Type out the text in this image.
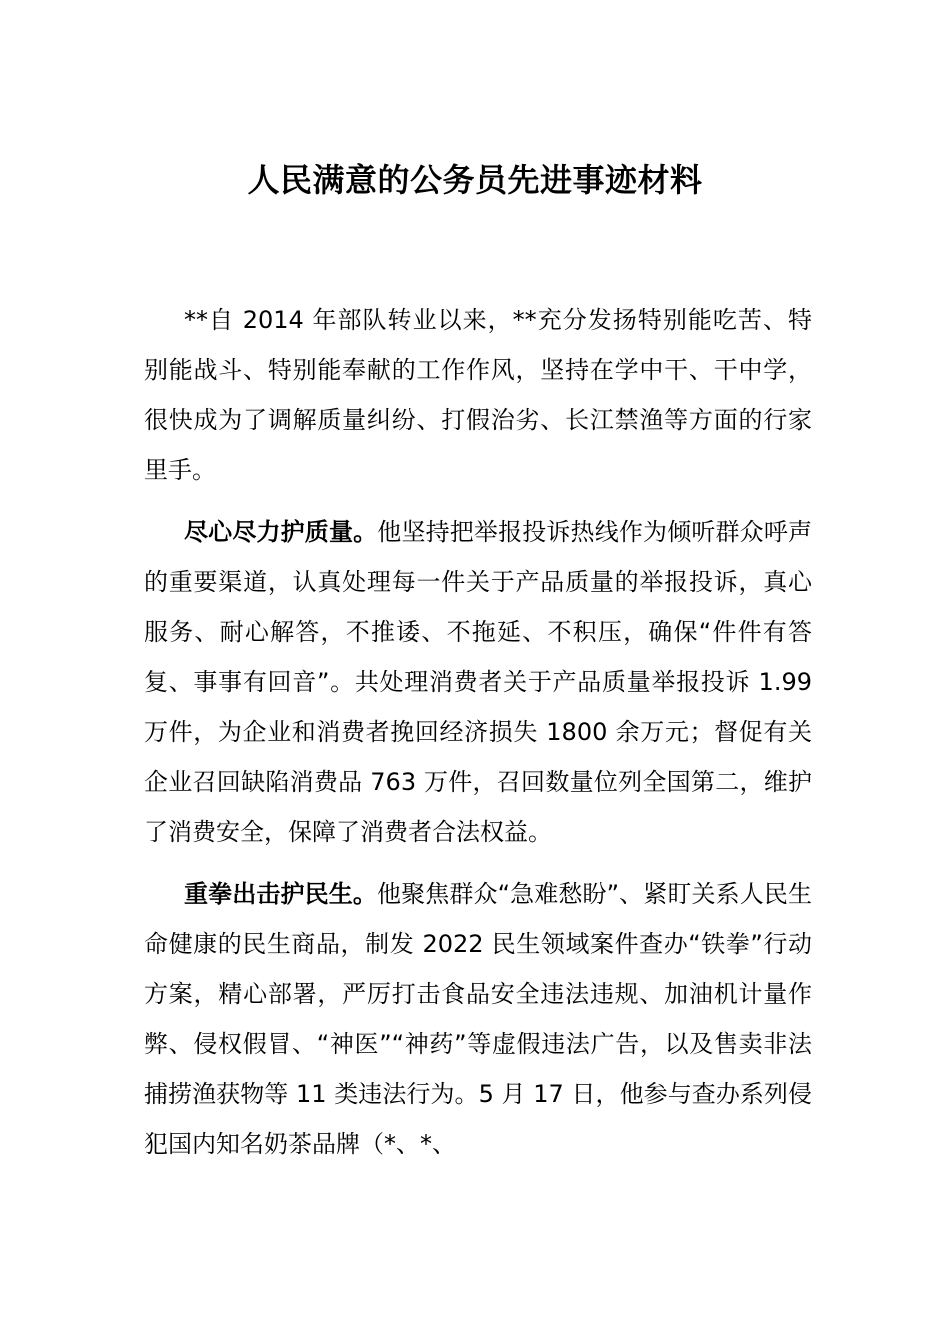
人民满意的公务员先进事迹材料

**自 2014 年部队转业以来，**充分发扬特别能吃苦、特别能战斗、特别能奉献的工作作风，坚持在学中干、干中学，很快成为了调解质量纠纷、打假治劣、长江禁渔等方面的行家里手。

尽心尽力护质量。他坚持把举报投诉热线作为倾听群众呼声的重要渠道，认真处理每一件关于产品质量的举报投诉，真心服务、耐心解答，不推诿、不拖延、不积压，确保“件件有答复、事事有回音”。共处理消费者关于产品质量举报投诉 1.99 万件，为企业和消费者挽回经济损失 1800 余万元；督促有关企业召回缺陷消费品 763 万件，召回数量位列全国第二，维护了消费安全，保障了消费者合法权益。

重拳出击护民生。他聚焦群众“急难愁盼”、紧盯关系人民生命健康的民生商品，制发 2022 民生领域案件查办“铁拳”行动方案，精心部署，严厉打击食品安全违法违规、加油机计量作弊、侵权假冒、“神医”“神药”等虚假违法广告，以及售卖非法捕捞渔获物等 11 类违法行为。5 月 17 日，他参与查办系列侵犯国内知名奶茶品牌（*、*、
